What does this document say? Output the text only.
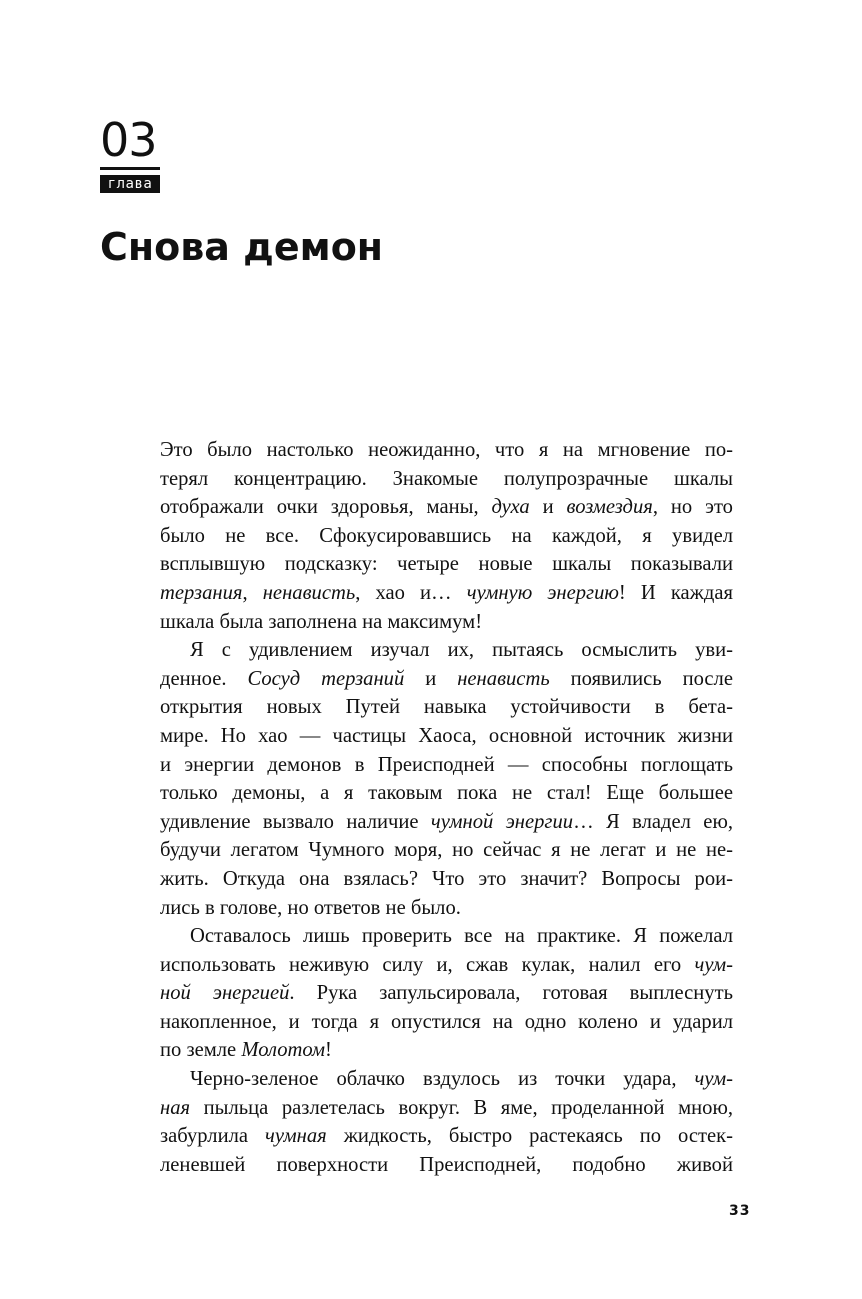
03
глава
Снова демон
Это было настолько неожиданно, что я на мгновение по-
терял концентрацию. Знакомые полупрозрачные шкалы
отображали очки здоровья, маны, духа и возмездия, но это
было не все. Сфокусировавшись на каждой, я увидел
всплывшую подсказку: четыре новые шкалы показывали
терзания, ненависть, хао и… чумную энергию! И каждая
шкала была заполнена на максимум!
Я с удивлением изучал их, пытаясь осмыслить уви-
денное. Сосуд терзаний и ненависть появились после
открытия новых Путей навыка устойчивости в бета-
мире. Но хао — частицы Хаоса, основной источник жизни
и энергии демонов в Преисподней — способны поглощать
только демоны, а я таковым пока не стал! Еще большее
удивление вызвало наличие чумной энергии… Я владел ею,
будучи легатом Чумного моря, но сейчас я не легат и не не-
жить. Откуда она взялась? Что это значит? Вопросы рои-
лись в голове, но ответов не было.
Оставалось лишь проверить все на практике. Я пожелал
использовать неживую силу и, сжав кулак, налил его чум-
ной энергией. Рука запульсировала, готовая выплеснуть
накопленное, и тогда я опустился на одно колено и ударил
по земле Молотом!
Черно-зеленое облачко вздулось из точки удара, чум-
ная пыльца разлетелась вокруг. В яме, проделанной мною,
забурлила чумная жидкость, быстро растекаясь по остек-
леневшей поверхности Преисподней, подобно живой
33
